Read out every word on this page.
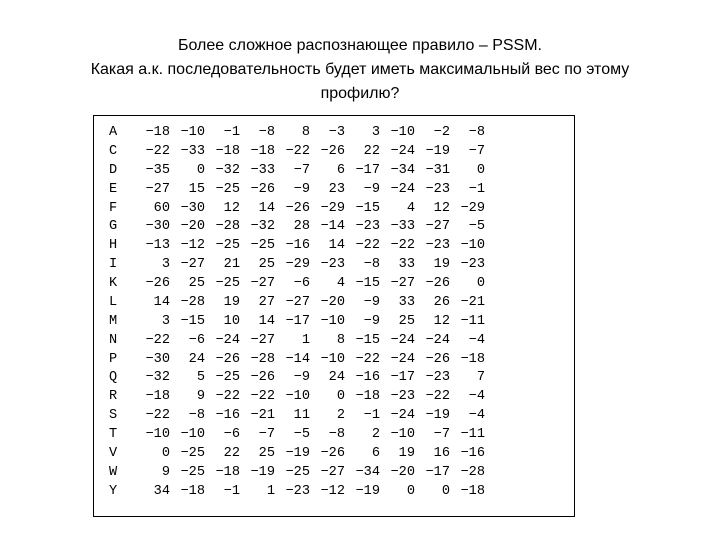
Более сложное распознающее правило – PSSM.
Какая а.к. последовательность будет иметь максимальный вес по этому
профилю?
A	−18	−10	−1	−8	8	−3	3	−10	−2	−8
C	−22	−33	−18	−18	−22	−26	22	−24	−19	−7
D	−35	0	−32	−33	−7	6	−17	−34	−31	0
E	−27	15	−25	−26	−9	23	−9	−24	−23	−1
F	60	−30	12	14	−26	−29	−15	4	12	−29
G	−30	−20	−28	−32	28	−14	−23	−33	−27	−5
H	−13	−12	−25	−25	−16	14	−22	−22	−23	−10
I	3	−27	21	25	−29	−23	−8	33	19	−23
K	−26	25	−25	−27	−6	4	−15	−27	−26	0
L	14	−28	19	27	−27	−20	−9	33	26	−21
M	3	−15	10	14	−17	−10	−9	25	12	−11
N	−22	−6	−24	−27	1	8	−15	−24	−24	−4
P	−30	24	−26	−28	−14	−10	−22	−24	−26	−18
Q	−32	5	−25	−26	−9	24	−16	−17	−23	7
R	−18	9	−22	−22	−10	0	−18	−23	−22	−4
S	−22	−8	−16	−21	11	2	−1	−24	−19	−4
T	−10	−10	−6	−7	−5	−8	2	−10	−7	−11
V	0	−25	22	25	−19	−26	6	19	16	−16
W	9	−25	−18	−19	−25	−27	−34	−20	−17	−28
Y	34	−18	−1	1	−23	−12	−19	0	0	−18
